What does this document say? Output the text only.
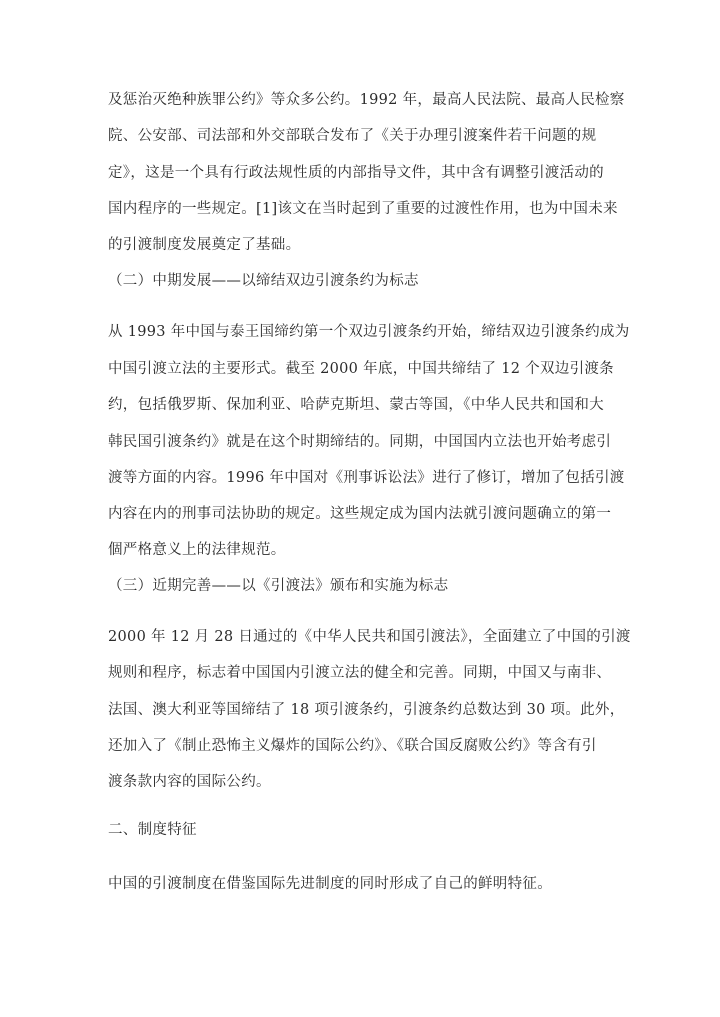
及惩治灭绝种族罪公约》等众多公约。1992 年，最高人民法院、最高人民检察
院、公安部、司法部和外交部联合发布了《关于办理引渡案件若干问题的规
定》，这是一个具有行政法规性质的内部指导文件，其中含有调整引渡活动的
国内程序的一些规定。[1]该文在当时起到了重要的过渡性作用，也为中国未来
的引渡制度发展奠定了基础。
（二）中期发展——以缔结双边引渡条约为标志
从 1993 年中国与泰王国缔约第一个双边引渡条约开始，缔结双边引渡条约成为
中国引渡立法的主要形式。截至 2000 年底，中国共缔结了 12 个双边引渡条
约，包括俄罗斯、保加利亚、哈萨克斯坦、蒙古等国，《中华人民共和国和大
韩民国引渡条约》就是在这个时期缔结的。同期，中国国内立法也开始考虑引
渡等方面的内容。1996 年中国对《刑事诉讼法》进行了修订，增加了包括引渡
内容在内的刑事司法协助的规定。这些规定成为国内法就引渡问题确立的第一
個严格意义上的法律规范。
（三）近期完善——以《引渡法》颁布和实施为标志
2000 年 12 月 28 日通过的《中华人民共和国引渡法》，全面建立了中国的引渡
规则和程序，标志着中国国内引渡立法的健全和完善。同期，中国又与南非、
法国、澳大利亚等国缔结了 18 项引渡条约，引渡条约总数达到 30 项。此外，
还加入了《制止恐怖主义爆炸的国际公约》、《联合国反腐败公约》等含有引
渡条款内容的国际公约。
二、制度特征
中国的引渡制度在借鉴国际先进制度的同时形成了自己的鲜明特征。
